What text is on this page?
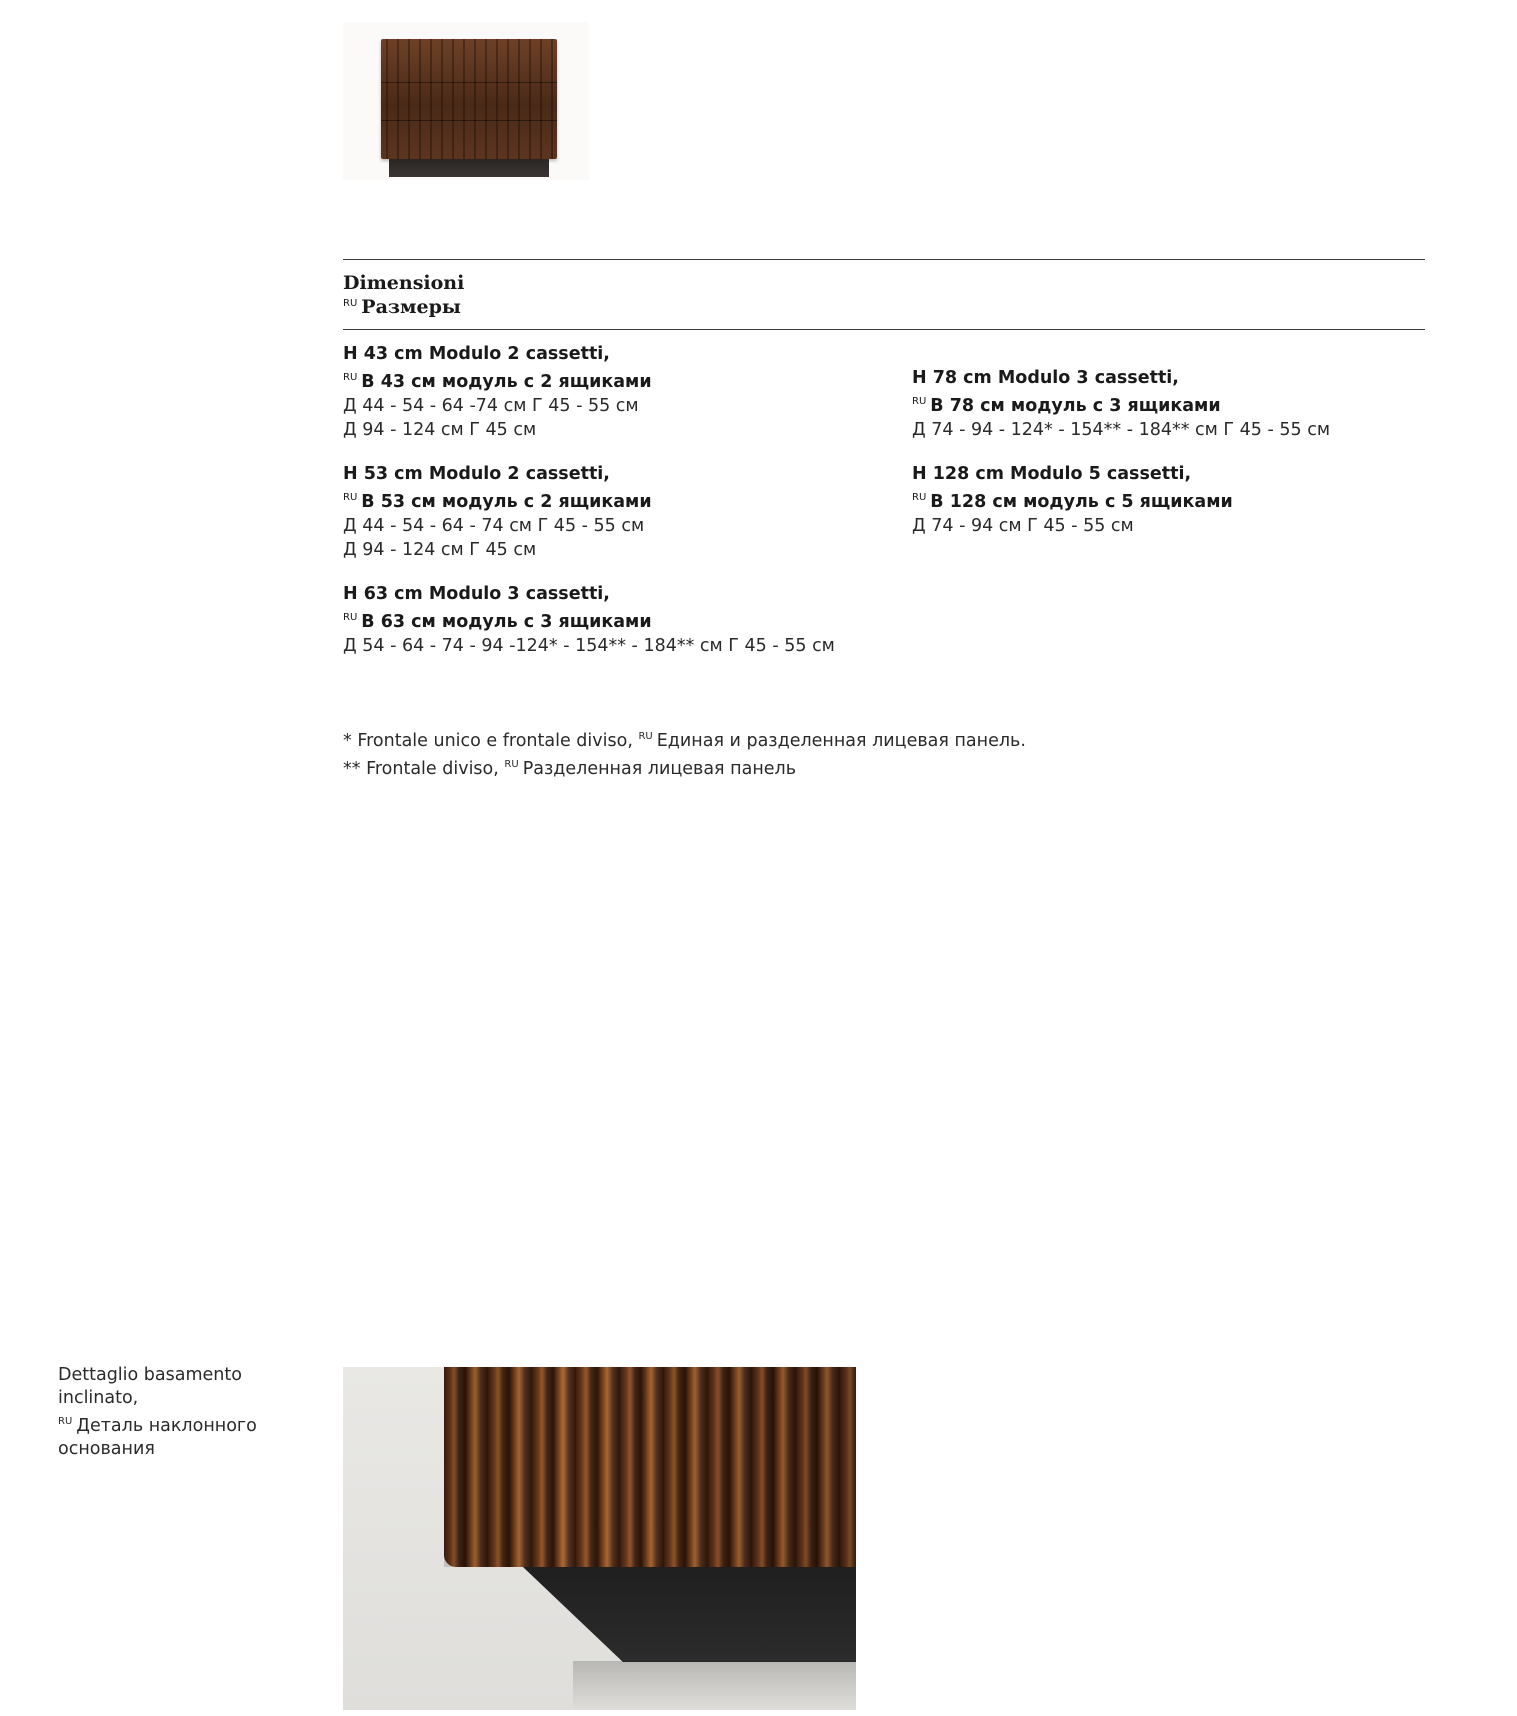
Dimensioni
$^{RU}$ Размеры
H 43 cm Modulo 2 cassetti,
$^{RU}$ В 43 см модуль с 2 ящиками
Д 44 - 54 - 64 -74 см Г 45 - 55 см
Д 94 - 124 см Г 45 см
H 53 cm Modulo 2 cassetti,
$^{RU}$ В 53 см модуль с 2 ящиками
Д 44 - 54 - 64 - 74 см Г 45 - 55 см
Д 94 - 124 см Г 45 см
H 63 cm Modulo 3 cassetti,
$^{RU}$ В 63 см модуль с 3 ящиками
Д 54 - 64 - 74 - 94 -124* - 154** - 184** см Г 45 - 55 см
H 78 cm Modulo 3 cassetti,
$^{RU}$ В 78 см модуль с 3 ящиками
Д 74 - 94 - 124* - 154** - 184** см Г 45 - 55 см
H 128 cm Modulo 5 cassetti,
$^{RU}$ В 128 см модуль с 5 ящиками
Д 74 - 94 см Г 45 - 55 см
* Frontale unico e frontale diviso, $^{RU}$ Единая и разделенная лицевая панель.
** Frontale diviso, $^{RU}$ Разделенная лицевая панель
Dettaglio basamento
inclinato,
$^{RU}$ Деталь наклонного
основания
